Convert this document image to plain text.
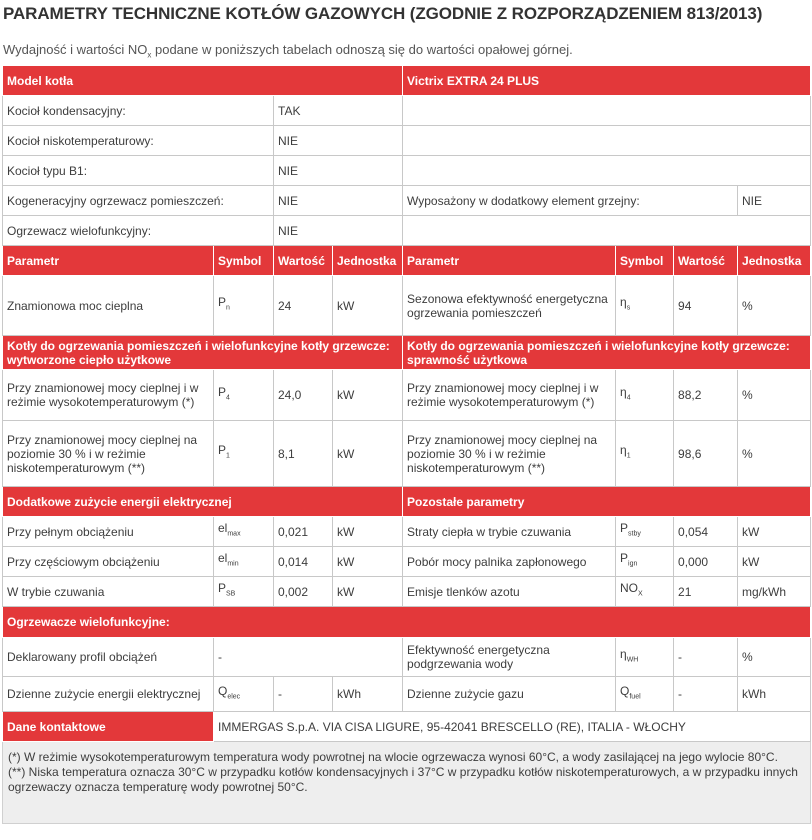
PARAMETRY TECHNICZNE KOTŁÓW GAZOWYCH (ZGODNIE Z ROZPORZĄDZENIEM 813/2013)
Wydajność i wartości $NO_x$ podane w poniższych tabelach odnoszą się do wartości opałowej górnej.
Model kotła				Victrix EXTRA 24 PLUS			
Kocioł kondensacyjny:		TAK					
Kocioł niskotemperaturowy:		NIE					
Kocioł typu B1:		NIE					
Kogeneracyjny ogrzewacz pomieszczeń:		NIE		Wyposażony w dodatkowy element grzejny:			NIE
Ogrzewacz wielofunkcyjny:		NIE					
Parametr	Symbol	Wartość	Jednostka	Parametr	Symbol	Wartość	Jednostka
Znamionowa moc cieplna	$P_n$	24	kW	Sezonowa efektywność energetyczna ogrzewania pomieszczeń	$\eta_s$	94	%
Kotły do ogrzewania pomieszczeń i wielofunkcyjne kotły grzewcze: wytworzone ciepło użytkowe				Kotły do ogrzewania pomieszczeń i wielofunkcyjne kotły grzewcze: sprawność użytkowa			
Przy znamionowej mocy cieplnej i w reżimie wysokotemperaturowym (*)	$P_4$	24,0	kW	Przy znamionowej mocy cieplnej i w reżimie wysokotemperaturowym (*)	$\eta_4$	88,2	%
Przy znamionowej mocy cieplnej na poziomie 30 % i w reżimie niskotemperaturowym (**)	$P_1$	8,1	kW	Przy znamionowej mocy cieplnej na poziomie 30 % i w reżimie niskotemperaturowym (**)	$\eta_1$	98,6	%
Dodatkowe zużycie energii elektrycznej				Pozostałe parametry			
Przy pełnym obciążeniu	$el_{max}$	0,021	kW	Straty ciepła w trybie czuwania	$P_{stby}$	0,054	kW
Przy częściowym obciążeniu	$el_{min}$	0,014	kW	Pobór mocy palnika zapłonowego	$P_{ign}$	0,000	kW
W trybie czuwania	$P_{SB}$	0,002	kW	Emisje tlenków azotu	$NO_X$	21	mg/kWh
Ogrzewacze wielofunkcyjne:							
Deklarowany profil obciążeń	-			Efektywność energetyczna podgrzewania wody	$\eta_{WH}$	-	%
Dzienne zużycie energii elektrycznej	$Q_{elec}$	-	kWh	Dzienne zużycie gazu	$Q_{fuel}$	-	kWh
Dane kontaktowe	IMMERGAS S.p.A. VIA CISA LIGURE, 95-42041 BRESCELLO (RE), ITALIA - WŁOCHY						

(*) W reżimie wysokotemperaturowym temperatura wody powrotnej na wlocie ogrzewacza wynosi 60°C, a wody zasilającej na jego wylocie 80°C.
(**) Niska temperatura oznacza 30°C w przypadku kotłów kondensacyjnych i 37°C w przypadku kotłów niskotemperaturowych, a w przypadku innych ogrzewaczy oznacza temperaturę wody powrotnej 50°C.							
